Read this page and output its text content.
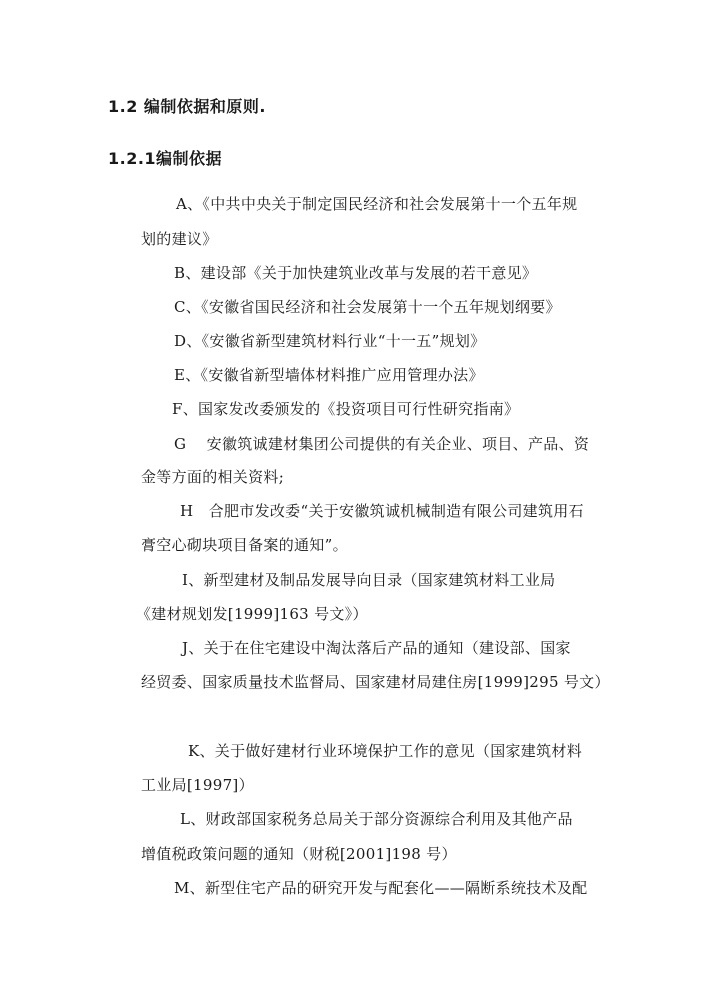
1.2 编制依据和原则.
1.2.1编制依据
A、《中共中央关于制定国民经济和社会发展第十一个五年规
划的建议》
B、建设部《关于加快建筑业改革与发展的若干意见》
C、《安徽省国民经济和社会发展第十一个五年规划纲要》
D、《安徽省新型建筑材料行业“十一五”规划》
E、《安徽省新型墙体材料推广应用管理办法》
F、国家发改委颁发的《投资项目可行性研究指南》
G　 安徽筑诚建材集团公司提供的有关企业、项目、产品、资
金等方面的相关资料;
H　合肥市发改委“关于安徽筑诚机械制造有限公司建筑用石
膏空心砌块项目备案的通知”。
I、新型建材及制品发展导向目录（国家建筑材料工业局
《建材规划发[1999]163 号文》）
J、关于在住宅建设中淘汰落后产品的通知（建设部、国家
经贸委、国家质量技术监督局、国家建材局建住房[1999]295 号文）
K、关于做好建材行业环境保护工作的意见（国家建筑材料
工业局[1997]）
L、财政部国家税务总局关于部分资源综合利用及其他产品
增值税政策问题的通知（财税[2001]198 号）
M、新型住宅产品的研究开发与配套化——隔断系统技术及配
